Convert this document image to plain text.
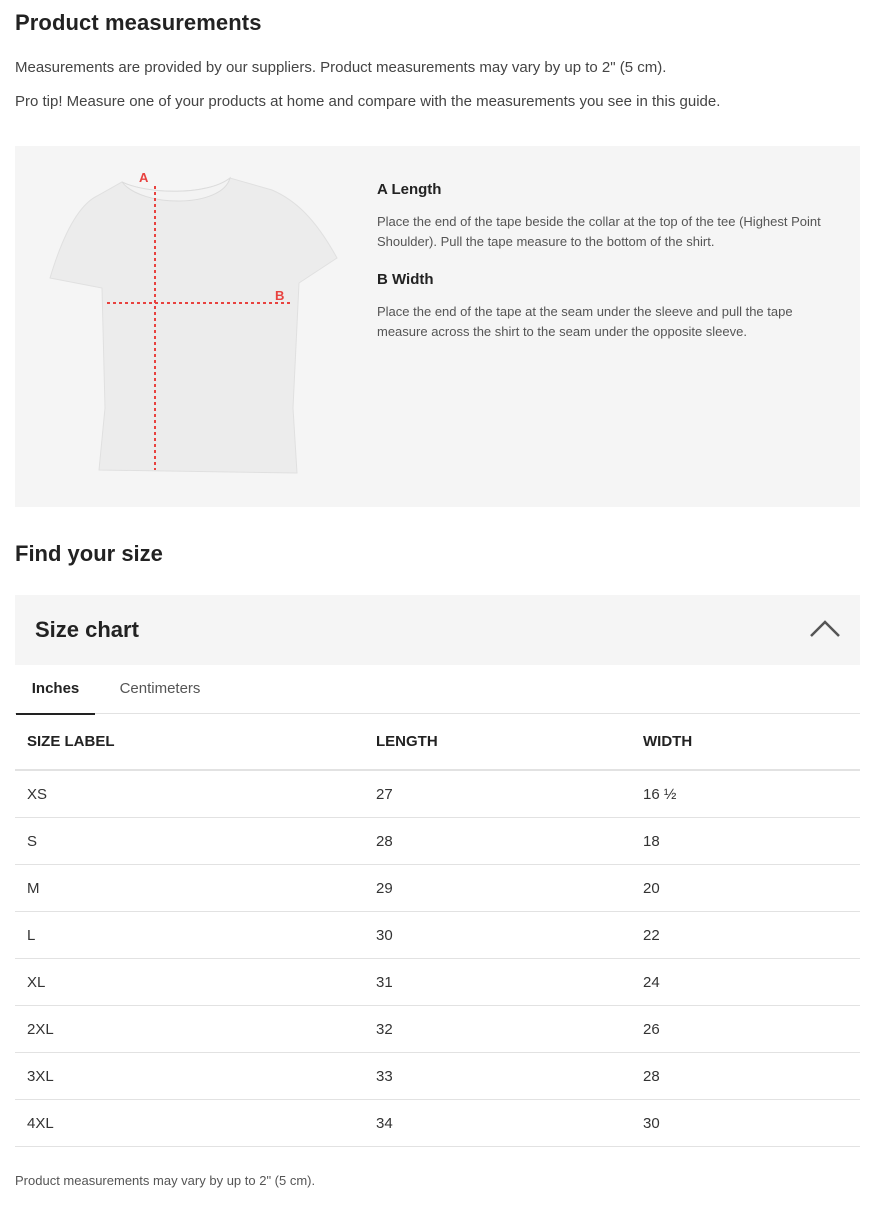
Product measurements

Measurements are provided by our suppliers. Product measurements may vary by up to 2" (5 cm).

Pro tip! Measure one of your products at home and compare with the measurements you see in this guide.

A
B
A Length

Place the end of the tape beside the collar at the top of the tee (Highest Point Shoulder). Pull the tape measure to the bottom of the shirt.

B Width

Place the end of the tape at the seam under the sleeve and pull the tape measure across the shirt to the seam under the opposite sleeve.

Find your size
Size chart
Inches	Centimeters
SIZE LABEL	LENGTH	WIDTH
XS	27	16 ½
S	28	18
M	29	20
L	30	22
XL	31	24
2XL	32	26
3XL	33	28
4XL	34	30

Product measurements may vary by up to 2" (5 cm).
